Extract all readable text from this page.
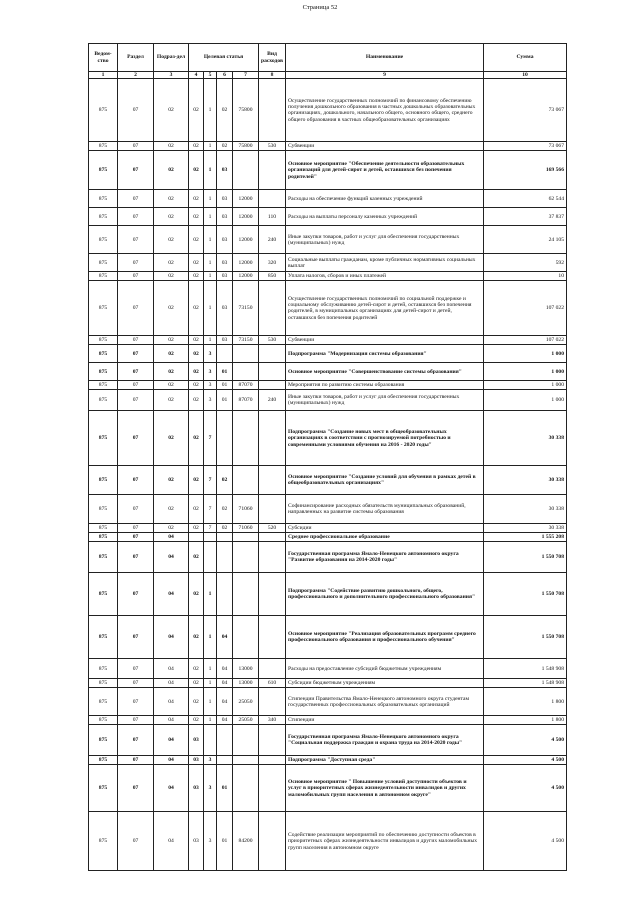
Страница 52
Ведом-ство	Раздел	Подраз-дел	Целевая статья				Вид расходов	Наименование	Сумма
1	2	3	4	5	6	7	8	9	10
875	07	02	02	1	02	75800		Осуществление государственных полномочий по финансовому обеспечению получения дошкольного образования в частных дошкольных образовательных организациях, дошкольного, начального общего, основного общего, среднего общего образования в частных общеобразовательных организациях	73 067
875	07	02	02	1	02	75800	530	Субвенции	73 067
875	07	02	02	1	03			Основное мероприятие "Обеспечение деятельности образовательных организаций для детей-сирот и детей, оставшихся без попечения родителей"	169 566
875	07	02	02	1	03	12000		Расходы на обеспечение функций казенных учреждений	62 544
875	07	02	02	1	03	12000	110	Расходы на выплаты персоналу казенных учреждений	37 837
875	07	02	02	1	03	12000	240	Иные закупки товаров, работ и услуг для обеспечения государственных (муниципальных) нужд	24 105
875	07	02	02	1	03	12000	320	Социальные выплаты гражданам, кроме публичных нормативных социальных выплат	592
875	07	02	02	1	03	12000	850	Уплата налогов, сборов и иных платежей	10
875	07	02	02	1	03	73150		Осуществление государственных полномочий по социальной поддержке и социальному обслуживанию детей-сирот и детей, оставшихся без попечения родителей, в муниципальных организациях для детей-сирот и детей, оставшихся без попечения родителей	107 022
875	07	02	02	1	03	73150	530	Субвенции	107 022
875	07	02	02	3				Подпрограмма "Модернизация системы образования"	1 000
875	07	02	02	3	01			Основное мероприятие "Совершенствование системы образования"	1 000
875	07	02	02	3	01	87070		Мероприятия по развитию системы образования	1 000
875	07	02	02	3	01	87070	240	Иные закупки товаров, работ и услуг для обеспечения государственных (муниципальных) нужд	1 000
875	07	02	02	7				Подпрограмма "Создание новых мест в общеобразовательных организациях в соответствии с прогнозируемой потребностью и современными условиями обучения на 2016 - 2020 годы"	30 338
875	07	02	02	7	02			Основное мероприятие "Создание условий для обучения в рамках детей в общеобразовательных организациях"	30 338
875	07	02	02	7	02	71060		Софинансирование расходных обязательств муниципальных образований, направленных на развитие системы образования	30 338
875	07	02	02	7	02	71060	520	Субсидии	30 338
875	07	04						Среднее профессиональное образование	1 555 208
875	07	04	02					Государственная программа Ямало-Ненецкого автономного округа "Развитие образования на 2014-2020 годы"	1 550 708
875	07	04	02	1				Подпрограмма "Содействие развитию дошкольного, общего, профессионального и дополнительного профессионального образования"	1 550 708
875	07	04	02	1	04			Основное мероприятие "Реализация образовательных программ среднего профессионального образования и профессионального обучения"	1 550 708
875	07	04	02	1	04	13000		Расходы на предоставление субсидий бюджетным учреждениям	1 548 908
875	07	04	02	1	04	13000	610	Субсидии бюджетным учреждениям	1 548 908
875	07	04	02	1	04	25050		Стипендии Правительства Ямало-Ненецкого автономного округа студентам государственных профессиональных образовательных организаций	1 800
875	07	04	02	1	04	25050	340	Стипендии	1 800
875	07	04	03					Государственная программа Ямало-Ненецкого автономного округа "Социальная поддержка граждан и охрана труда на 2014-2020 годы"	4 500
875	07	04	03	3				Подпрограмма "Доступная среда"	4 500
875	07	04	03	3	01			Основное мероприятие " Повышение условий доступности объектов и услуг в приоритетных сферах жизнедеятельности инвалидов и других маломобильных групп населения в автономном округе"	4 500
875	07	04	03	3	01	84200		Содействие реализации мероприятий по обеспечению доступности объектов в приоритетных сферах жизнедеятельности инвалидов и других маломобильных групп населения в автономном округе	4 500
